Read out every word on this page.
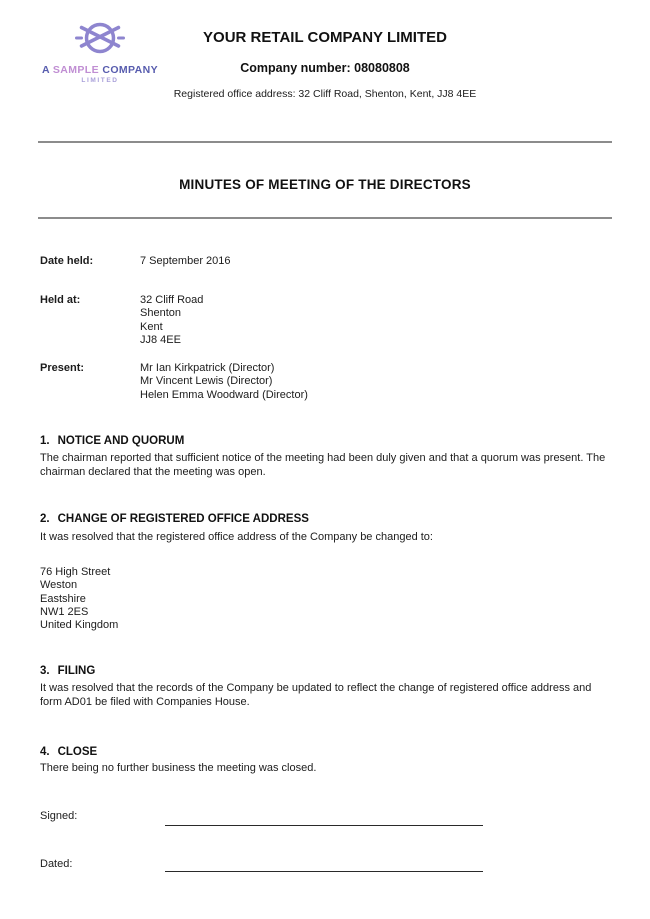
A SAMPLE COMPANY
LIMITED
YOUR RETAIL COMPANY LIMITED
Company number: 08080808
Registered office address: 32 Cliff Road, Shenton, Kent, JJ8 4EE
MINUTES OF MEETING OF THE DIRECTORS
Date held:	7 September 2016
Held at:	32 Cliff Road
Shenton
Kent
JJ8 4EE
Present:	Mr Ian Kirkpatrick (Director)
Mr Vincent Lewis (Director)
Helen Emma Woodward (Director)
1. NOTICE AND QUORUM
The chairman reported that sufficient notice of the meeting had been duly given and that a quorum was present. The chairman declared that the meeting was open.
2. CHANGE OF REGISTERED OFFICE ADDRESS
It was resolved that the registered office address of the Company be changed to:
76 High Street
Weston
Eastshire
NW1 2ES
United Kingdom
3. FILING
It was resolved that the records of the Company be updated to reflect the change of registered office address and form AD01 be filed with Companies House.
4. CLOSE
There being no further business the meeting was closed.
Signed:
Dated:
